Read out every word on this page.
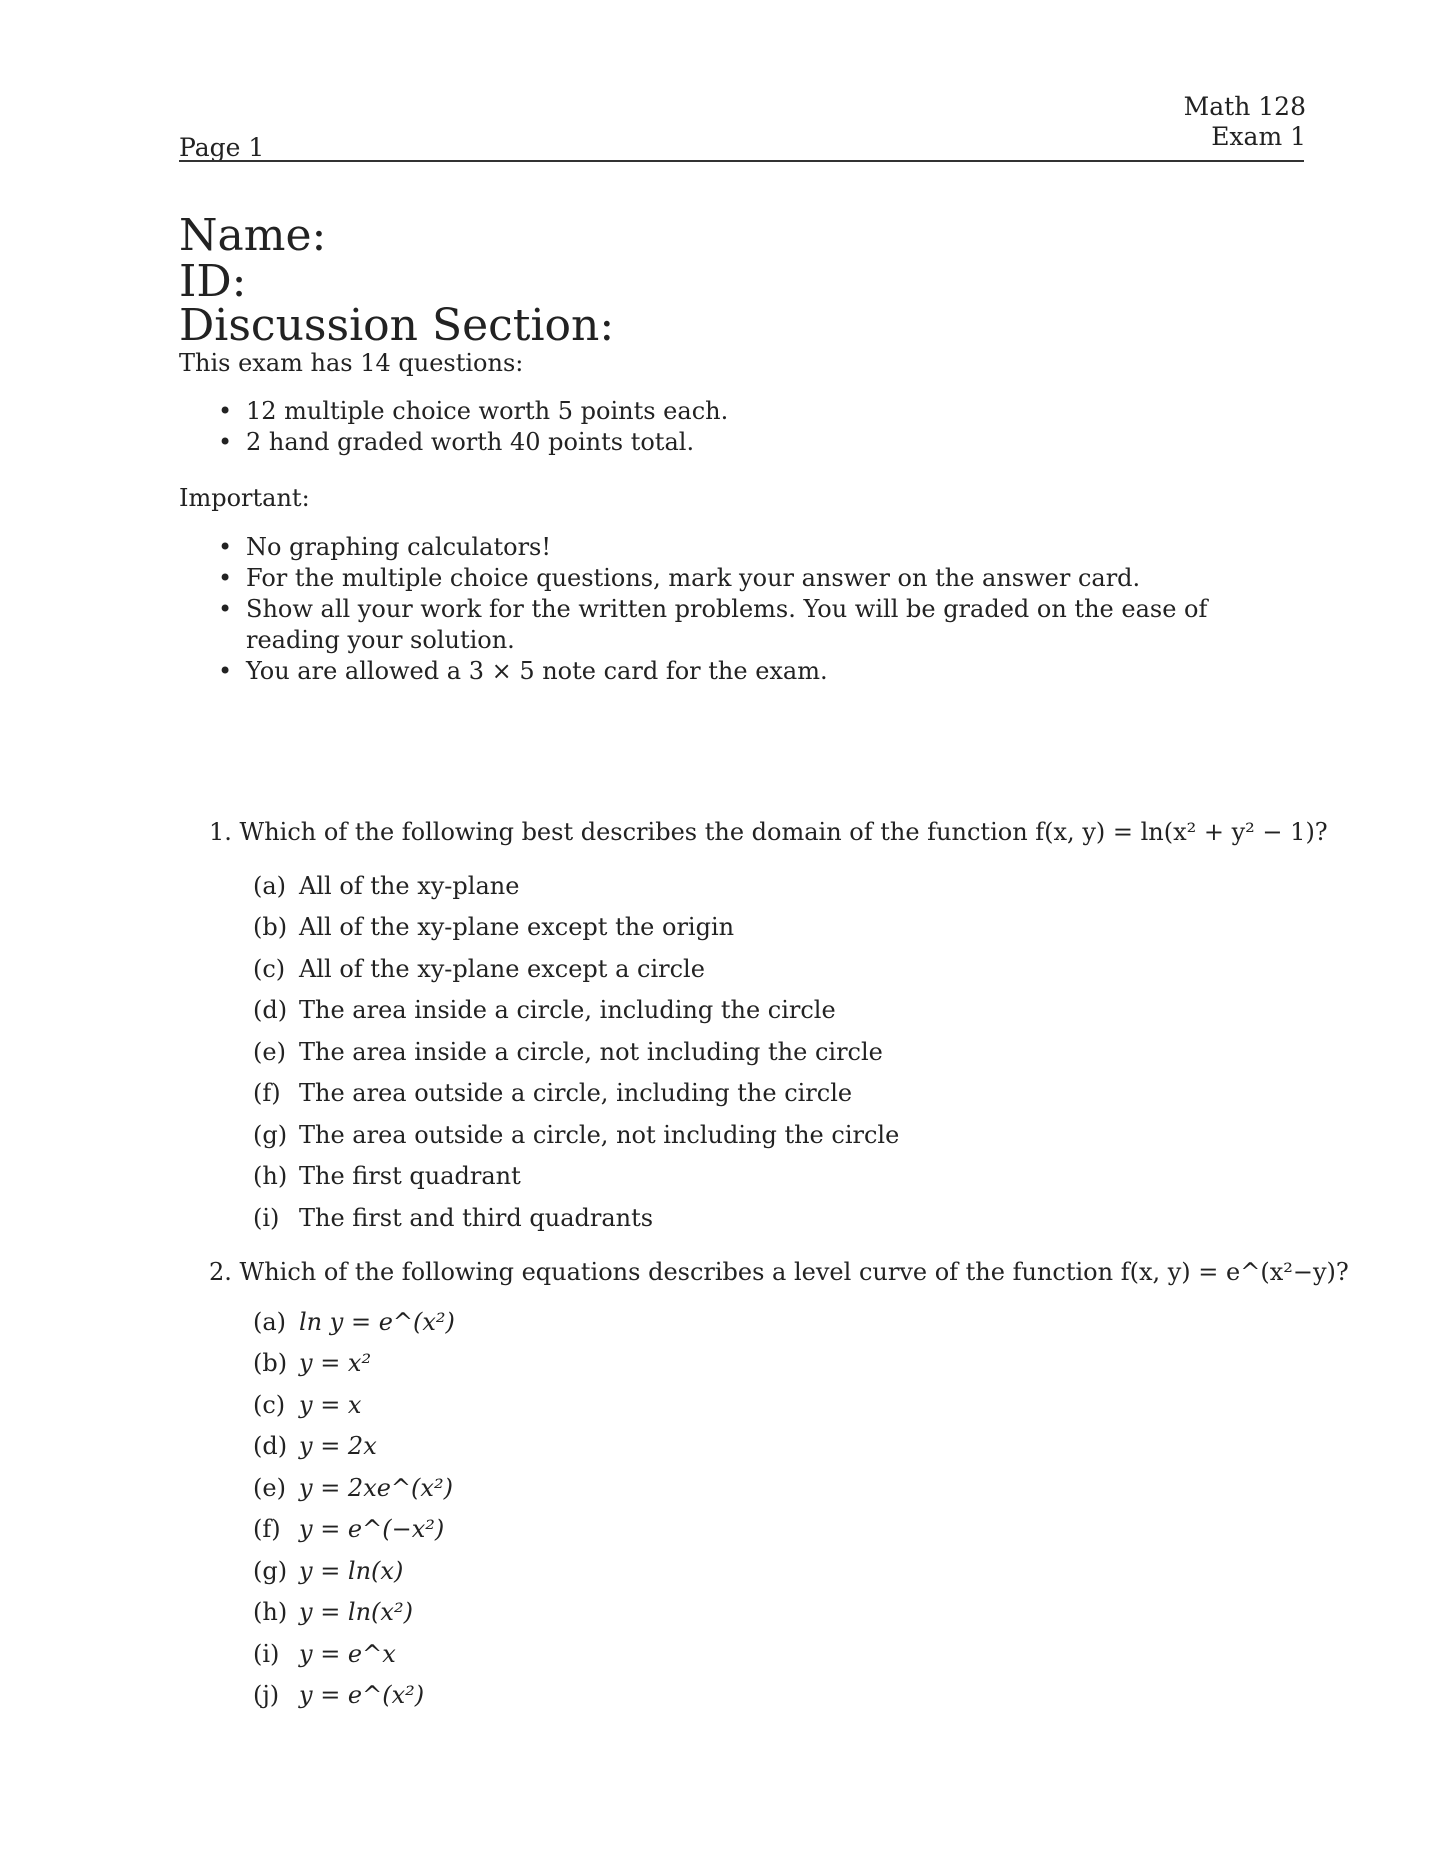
Math 128
Exam 1
Page 1
Name:
ID:
Discussion Section:
This exam has 14 questions:
• 12 multiple choice worth 5 points each.
• 2 hand graded worth 40 points total.
Important:
• No graphing calculators!
• For the multiple choice questions, mark your answer on the answer card.
• Show all your work for the written problems. You will be graded on the ease of reading your solution.
• You are allowed a 3 × 5 note card for the exam.
1. Which of the following best describes the domain of the function f(x, y) = ln(x² + y² − 1)?
(a) All of the xy-plane
(b) All of the xy-plane except the origin
(c) All of the xy-plane except a circle
(d) The area inside a circle, including the circle
(e) The area inside a circle, not including the circle
(f) The area outside a circle, including the circle
(g) The area outside a circle, not including the circle
(h) The first quadrant
(i) The first and third quadrants
2. Which of the following equations describes a level curve of the function f(x, y) = e^(x²−y)?
(a) ln y = e^(x²)
(b) y = x²
(c) y = x
(d) y = 2x
(e) y = 2xe^(x²)
(f) y = e^(−x²)
(g) y = ln(x)
(h) y = ln(x²)
(i) y = e^x
(j) y = e^(x²)
